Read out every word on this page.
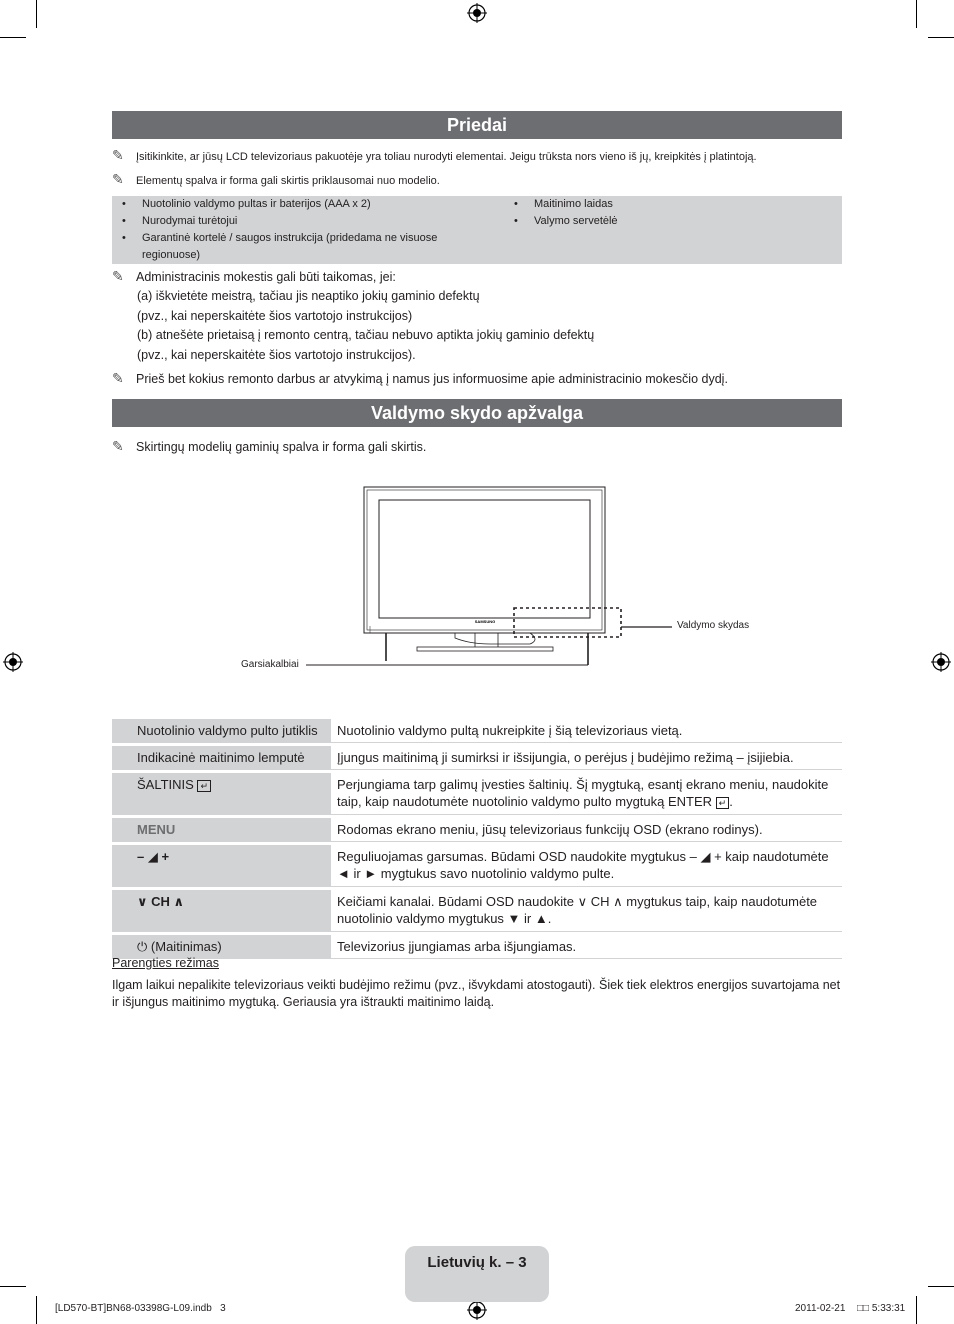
Priedai
✎ Įsitikinkite, ar jūsų LCD televizoriaus pakuotėje yra toliau nurodyti elementai. Jeigu trūksta nors vieno iš jų, kreipkitės į platintoją.
✎ Elementų spalva ir forma gali skirtis priklausomai nuo modelio.
• Nuotolinio valdymo pultas ir baterijos (AAA x 2)
• Nurodymai turėtojui
• Garantinė kortelė / saugos instrukcija (pridedama ne visuose regionuose)
• Maitinimo laidas
• Valymo servetėlė
✎ Administracinis mokestis gali būti taikomas, jei:
(a) iškvietėte meistrą, tačiau jis neaptiko jokių gaminio defektų
(pvz., kai neperskaitėte šios vartotojo instrukcijos)
(b) atnešėte prietaisą į remonto centrą, tačiau nebuvo aptikta jokių gaminio defektų
(pvz., kai neperskaitėte šios vartotojo instrukcijos).
✎ Prieš bet kokius remonto darbus ar atvykimą į namus jus informuosime apie administracinio mokesčio dydį.
Valdymo skydo apžvalga
✎ Skirtingų modelių gaminių spalva ir forma gali skirtis.
SAMSUNG	Valdymo skydas
Garsiakalbiai
	Nuotolinio valdymo pulto jutiklis	Nuotolinio valdymo pultą nukreipkite į šią televizoriaus vietą.
	Indikacinė maitinimo lemputė	Įjungus maitinimą ji sumirksi ir išsijungia, o perėjus į budėjimo režimą – įsijiebia.
	ŠALTINIS ↵	Perjungiama tarp galimų įvesties šaltinių. Šį mygtuką, esantį ekrano meniu, naudokite taip, kaip naudotumėte nuotolinio valdymo pulto mygtuką ENTER ↵ .
	MENU	Rodomas ekrano meniu, jūsų televizoriaus funkcijų OSD (ekrano rodinys).
	– ◢ +	Reguliuojamas garsumas. Būdami OSD naudokite mygtukus – ◢ + kaip naudotumėte ◄ ir ► mygtukus savo nuotolinio valdymo pulte.
	∨ CH ∧	Keičiami kanalai. Būdami OSD naudokite ∨ CH ∧ mygtukus taip, kaip naudotumėte nuotolinio valdymo mygtukus ▼ ir ▲.
	⏻ (Maitinimas)	Televizorius įjungiamas arba išjungiamas.
Parengties režimas
Ilgam laikui nepalikite televizoriaus veikti budėjimo režimu (pvz., išvykdami atostogauti). Šiek tiek elektros energijos suvartojama net ir išjungus maitinimo mygtuką. Geriausia yra ištraukti maitinimo laidą.
Lietuvių k. – 3
[LD570-BT]BN68-03398G-L09.indb   3	2011-02-21 □□ 5:33:31
